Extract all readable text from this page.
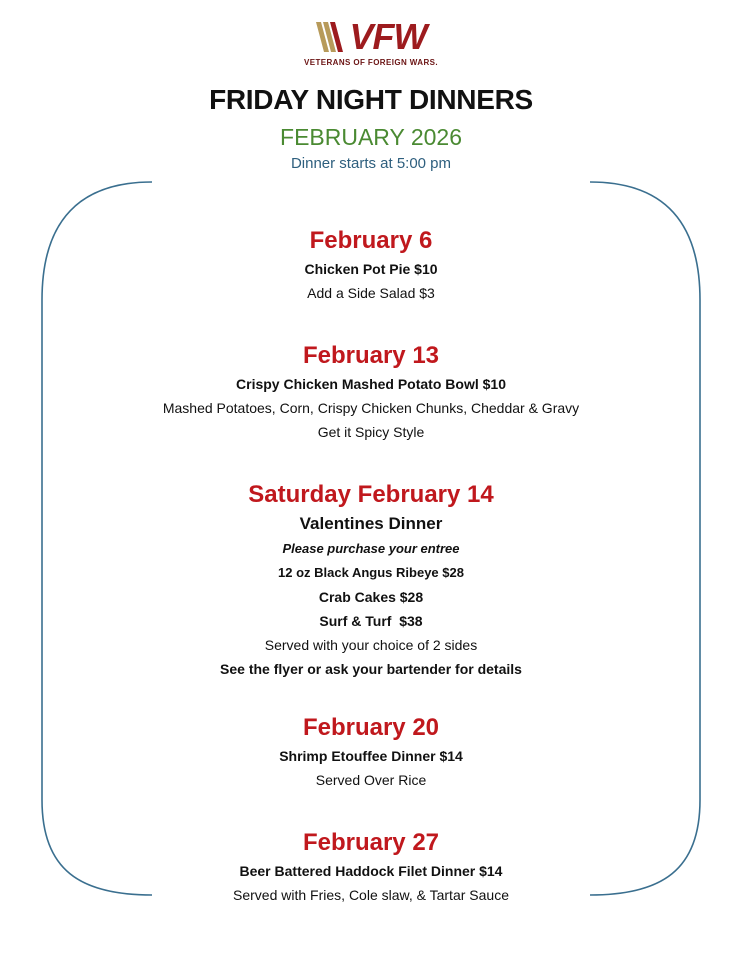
VFW
VETERANS OF FOREIGN WARS.
FRIDAY NIGHT DINNERS
FEBRUARY 2026
Dinner starts at 5:00 pm

February 6

Chicken Pot Pie $10

Add a Side Salad $3

February 13

Crispy Chicken Mashed Potato Bowl $10

Mashed Potatoes, Corn, Crispy Chicken Chunks, Cheddar & Gravy

Get it Spicy Style

Saturday February 14

Valentines Dinner

Please purchase your entree

12 oz Black Angus Ribeye $28

Crab Cakes $28

Surf & Turf  $38

Served with your choice of 2 sides

See the flyer or ask your bartender for details

February 20

Shrimp Etouffee Dinner $14

Served Over Rice

February 27

Beer Battered Haddock Filet Dinner $14

Served with Fries, Cole slaw, & Tartar Sauce
